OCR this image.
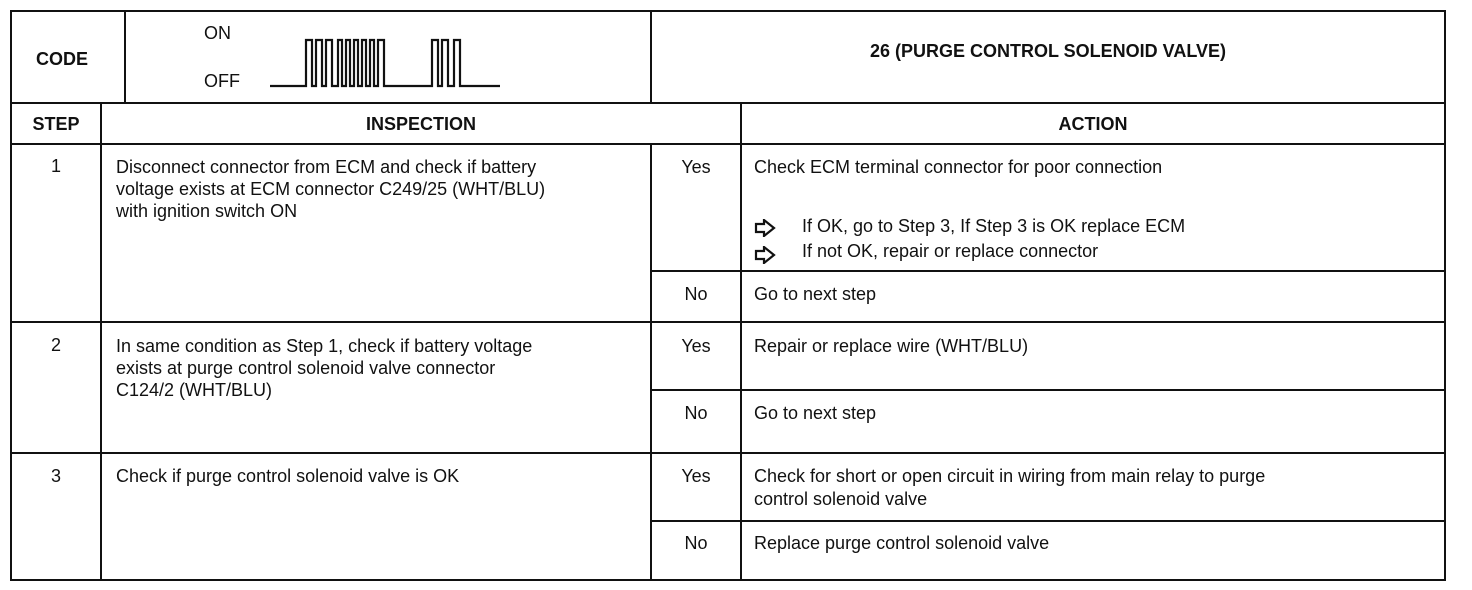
CODE
ON
OFF
26 (PURGE CONTROL SOLENOID VALVE)
STEP	INSPECTION	ACTION
1	Disconnect connector from ECM and check if battery
voltage exists at ECM connector C249/25 (WHT/BLU)
with ignition switch ON
Yes	Check ECM terminal connector for poor connection
If OK, go to Step 3, If Step 3 is OK replace ECM
If not OK, repair or replace connector
No	Go to next step
2	In same condition as Step 1, check if battery voltage
exists at purge control solenoid valve connector
C124/2 (WHT/BLU)
Yes	Repair or replace wire (WHT/BLU)
No	Go to next step
3	Check if purge control solenoid valve is OK	Yes	Check for short or open circuit in wiring from main relay to purge
control solenoid valve
No	Replace purge control solenoid valve
